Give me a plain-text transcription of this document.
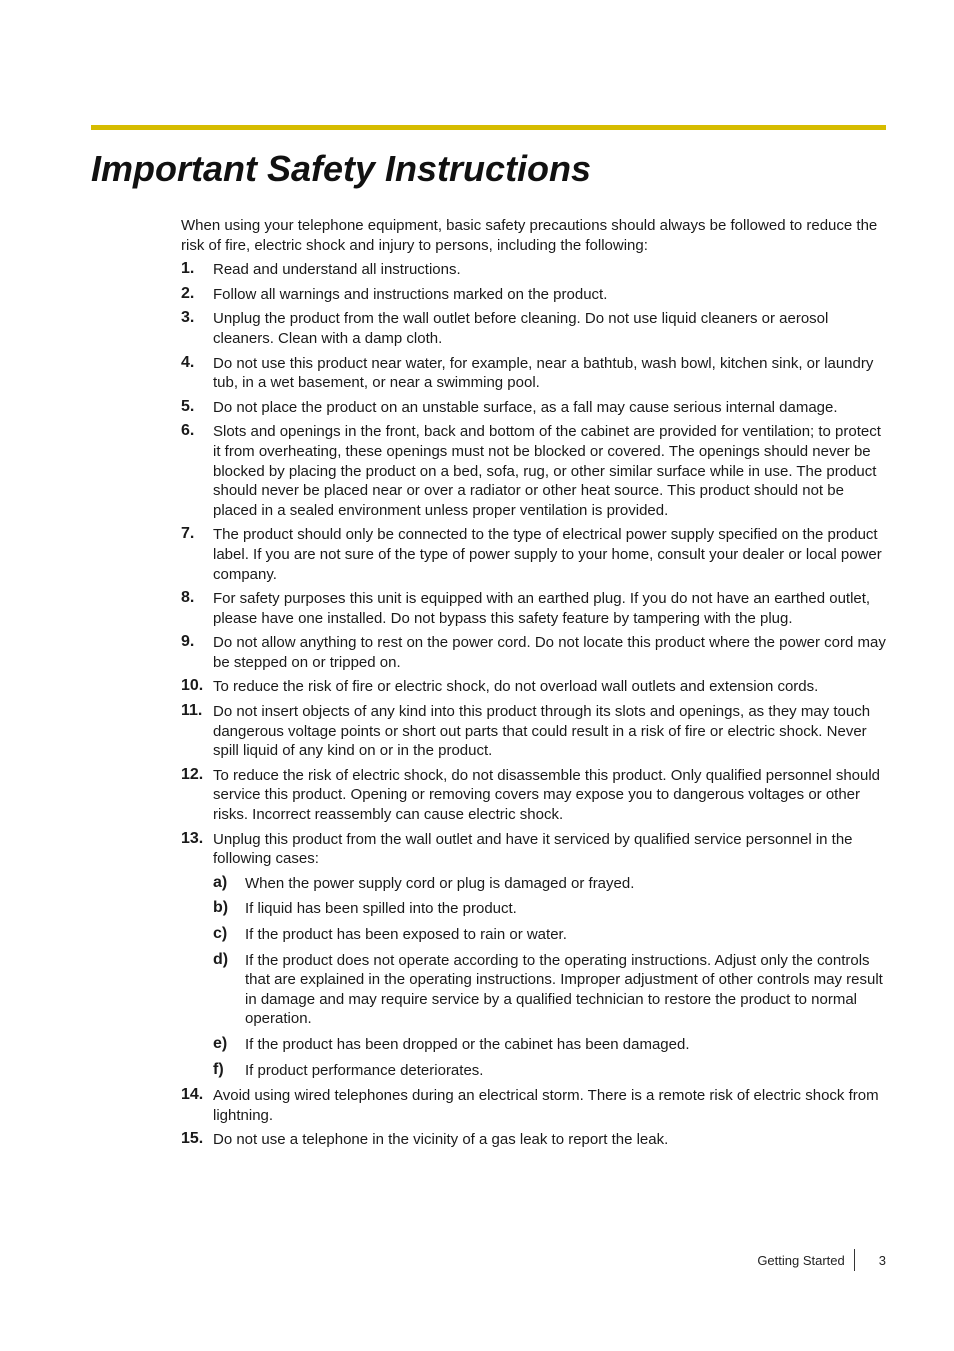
Important Safety Instructions

When using your telephone equipment, basic safety precautions should always be followed to reduce the risk of fire, electric shock and injury to persons, including the following:

1. Read and understand all instructions.
2. Follow all warnings and instructions marked on the product.
3. Unplug the product from the wall outlet before cleaning. Do not use liquid cleaners or aerosol cleaners. Clean with a damp cloth.
4. Do not use this product near water, for example, near a bathtub, wash bowl, kitchen sink, or laundry tub, in a wet basement, or near a swimming pool.
5. Do not place the product on an unstable surface, as a fall may cause serious internal damage.
6. Slots and openings in the front, back and bottom of the cabinet are provided for ventilation; to protect it from overheating, these openings must not be blocked or covered. The openings should never be blocked by placing the product on a bed, sofa, rug, or other similar surface while in use. The product should never be placed near or over a radiator or other heat source. This product should not be placed in a sealed environment unless proper ventilation is provided.
7. The product should only be connected to the type of electrical power supply specified on the product label. If you are not sure of the type of power supply to your home, consult your dealer or local power company.
8. For safety purposes this unit is equipped with an earthed plug. If you do not have an earthed outlet, please have one installed. Do not bypass this safety feature by tampering with the plug.
9. Do not allow anything to rest on the power cord. Do not locate this product where the power cord may be stepped on or tripped on.
10. To reduce the risk of fire or electric shock, do not overload wall outlets and extension cords.
11. Do not insert objects of any kind into this product through its slots and openings, as they may touch dangerous voltage points or short out parts that could result in a risk of fire or electric shock. Never spill liquid of any kind on or in the product.
12. To reduce the risk of electric shock, do not disassemble this product. Only qualified personnel should service this product. Opening or removing covers may expose you to dangerous voltages or other risks. Incorrect reassembly can cause electric shock.
13. Unplug this product from the wall outlet and have it serviced by qualified service personnel in the following cases:
a) When the power supply cord or plug is damaged or frayed.
b) If liquid has been spilled into the product.
c) If the product has been exposed to rain or water.
d) If the product does not operate according to the operating instructions. Adjust only the controls that are explained in the operating instructions. Improper adjustment of other controls may result in damage and may require service by a qualified technician to restore the product to normal operation.
e) If the product has been dropped or the cabinet has been damaged.
f) If product performance deteriorates.
14. Avoid using wired telephones during an electrical storm. There is a remote risk of electric shock from lightning.
15. Do not use a telephone in the vicinity of a gas leak to report the leak.
Getting Started	3
